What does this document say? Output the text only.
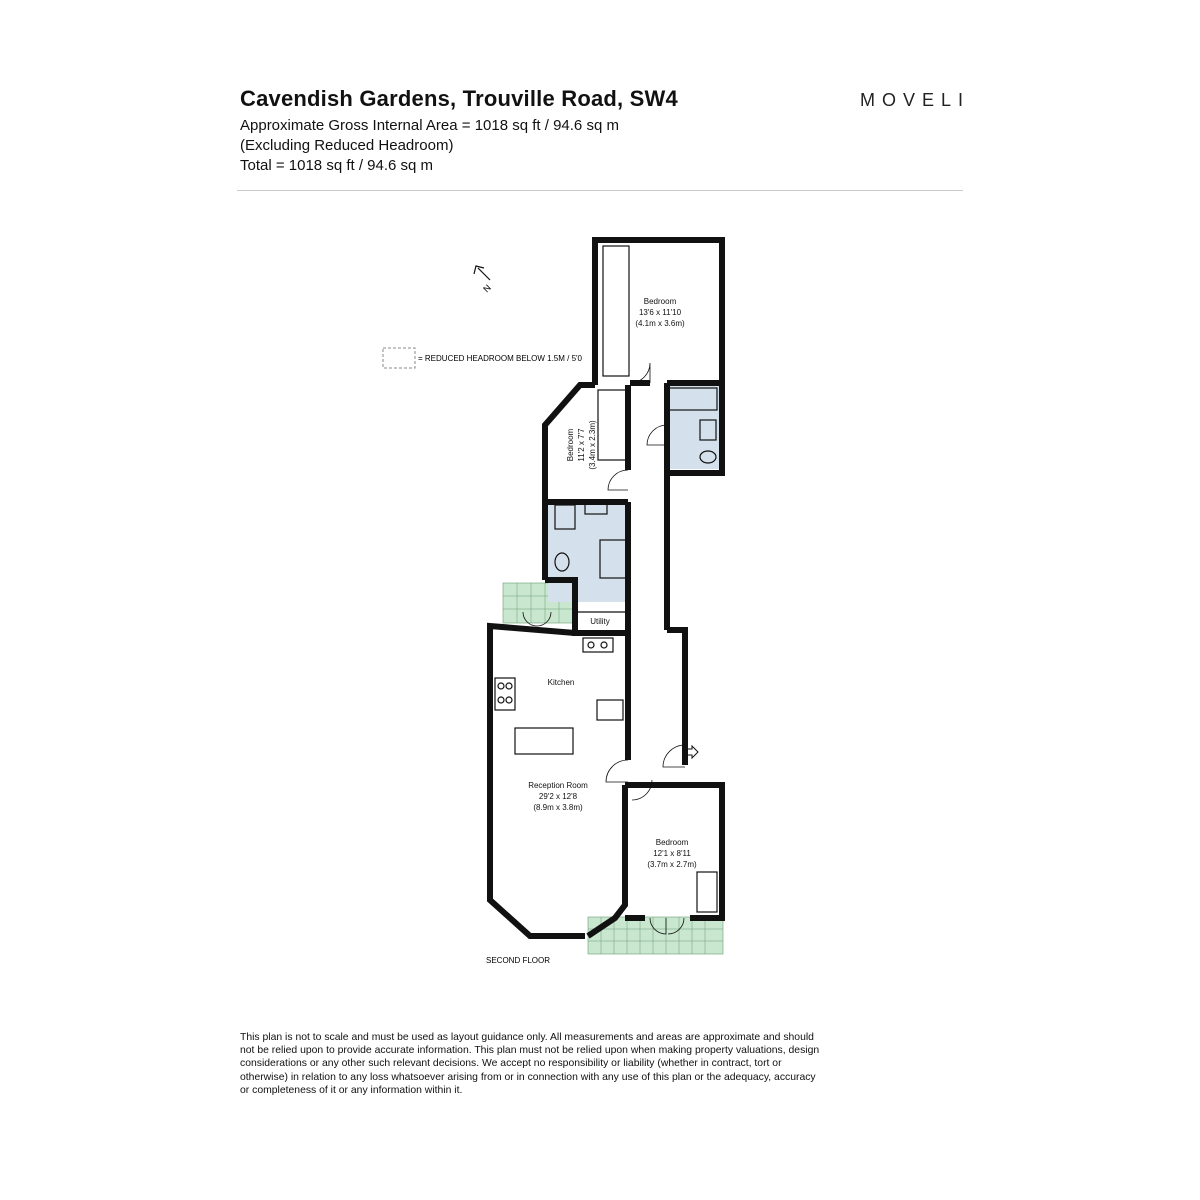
Cavendish Gardens, Trouville Road, SW4
Approximate Gross Internal Area = 1018 sq ft / 94.6 sq m
(Excluding Reduced Headroom)
Total = 1018 sq ft / 94.6 sq m
MOVELI
= REDUCED HEADROOM BELOW 1.5M / 5'0
N
Bedroom
13'6 x 11'10
(4.1m x 3.6m)
Bedroom 11'2 x 7'7 (3.4m x 2.3m)
Utility
Kitchen
Reception Room
29'2 x 12'8
(8.9m x 3.8m)
Bedroom
12'1 x 8'11
(3.7m x 2.7m)
SECOND FLOOR
This plan is not to scale and must be used as layout guidance only. All measurements and areas are approximate and should not be relied upon to provide accurate information. This plan must not be relied upon when making property valuations, design considerations or any other such relevant decisions. We accept no responsibility or liability (whether in contract, tort or otherwise) in relation to any loss whatsoever arising from or in connection with any use of this plan or the adequacy, accuracy or completeness of it or any information within it.
